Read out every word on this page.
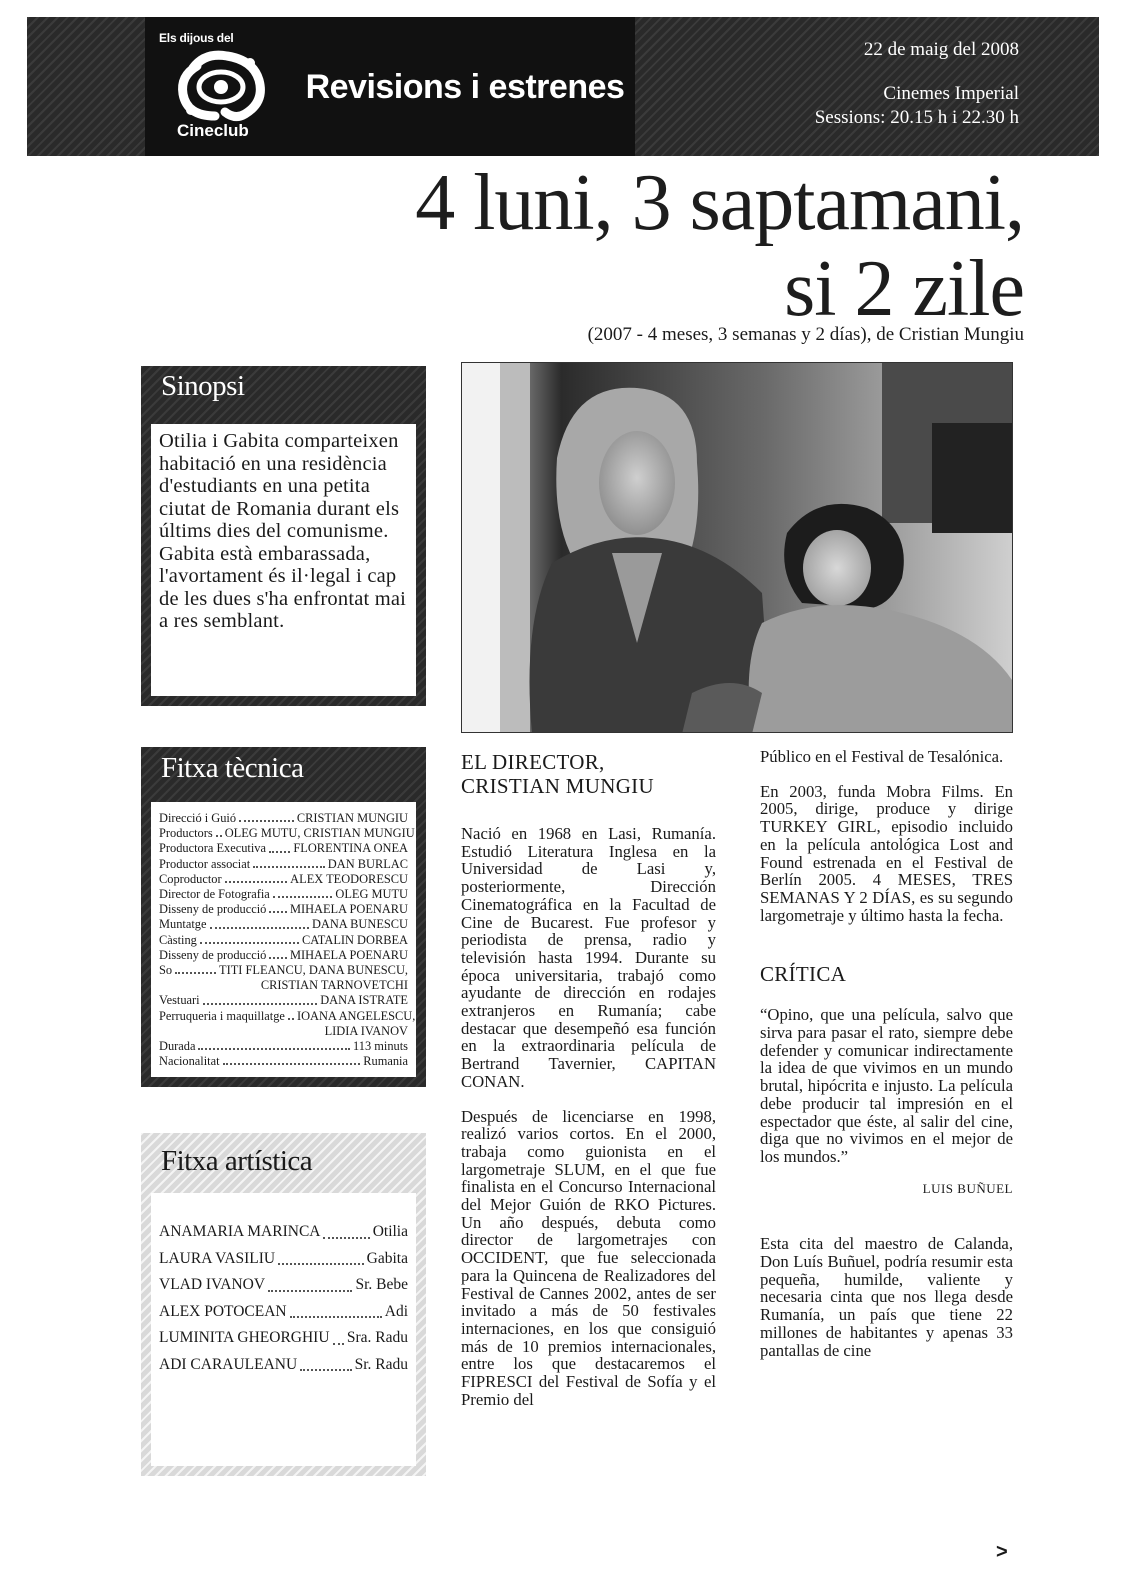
Els dijous del
Cineclub
Revisions i estrenes
22 de maig del 2008
Cinemes Imperial
Sessions: 20.15 h i 22.30 h
4 luni, 3 saptamani,
si 2 zile
(2007 - 4 meses, 3 semanas y 2 días), de Cristian Mungiu
Sinopsi
Otilia i Gabita comparteixen habitació en una residència d'estudiants en una petita ciutat de Romania durant els últims dies del comunisme. Gabita està embarassada, l'avortament és il·legal i cap de les dues s'ha enfrontat mai a res semblant.
Fitxa tècnica
Direcció i Guió	CRISTIAN MUNGIU
Productors OLEG MUTU, CRISTIAN MUNGIU
Productora Executiva FLORENTINA ONEA
Productor associat	DAN BURLAC
Coproductor	ALEX TEODORESCU
Director de Fotografia	OLEG MUTU
Disseny de producció MIHAELA POENARU
Muntatge	DANA BUNESCU
Càsting	CATALIN DORBEA
Disseny de producció MIHAELA POENARU
So	TITI FLEANCU, DANA BUNESCU,
CRISTIAN TARNOVETCHI
Vestuari	DANA ISTRATE
Perruqueria i maquillatge IOANA ANGELESCU,
LIDIA IVANOV
Durada	113 minuts
Nacionalitat	Rumania
Fitxa artística
ANAMARIA MARINCA	Otilia
LAURA VASILIU	Gabita
VLAD IVANOV	Sr. Bebe
ALEX POTOCEAN	Adi
LUMINITA GHEORGHIU Sra. Radu
ADI CARAULEANU	Sr. Radu
EL DIRECTOR,
CRISTIAN MUNGIU

Nació en 1968 en Lasi, Rumanía. Estudió Literatura Inglesa en la Universidad de Lasi y, posteriormente, Dirección Cinematográfica en la Facultad de Cine de Bucarest. Fue profesor y periodista de prensa, radio y televisión hasta 1994. Durante su época universitaria, trabajó como ayudante de dirección en rodajes extranjeros en Rumanía; cabe destacar que desempeñó esa función en la extraordinaria película de Bertrand Tavernier, CAPITAN CONAN.

Después de licenciarse en 1998, realizó varios cortos. En el 2000, trabaja como guionista en el largometraje SLUM, en el que fue finalista en el Concurso Internacional del Mejor Guión de RKO Pictures. Un año después, debuta como director de largometrajes con OCCIDENT, que fue seleccionada para la Quincena de Realizadores del Festival de Cannes 2002, antes de ser invitado a más de 50 festivales internaciones, en los que consiguió más de 10 premios internacionales, entre los que destacaremos el FIPRESCI del Festival de Sofía y el Premio del

Público en el Festival de Tesalónica.

En 2003, funda Mobra Films. En 2005, dirige, produce y dirige TURKEY GIRL, episodio incluido en la película antológica Lost and Found estrenada en el Festival de Berlín 2005. 4 MESES, TRES SEMANAS Y 2 DÍAS, es su segundo largometraje y último hasta la fecha.

CRÍTICA

“Opino, que una película, salvo que sirva para pasar el rato, siempre debe defender y comunicar indirectamente la idea de que vivimos en un mundo brutal, hipócrita e injusto. La película debe producir tal impresión en el espectador que éste, al salir del cine, diga que no vivimos en el mejor de los mundos.”

LUIS BUÑUEL

Esta cita del maestro de Calanda, Don Luís Buñuel, podría resumir esta pequeña, humilde, valiente y necesaria cinta que nos llega desde Rumanía, un país que tiene 22 millones de habitantes y apenas 33 pantallas de cine

>
